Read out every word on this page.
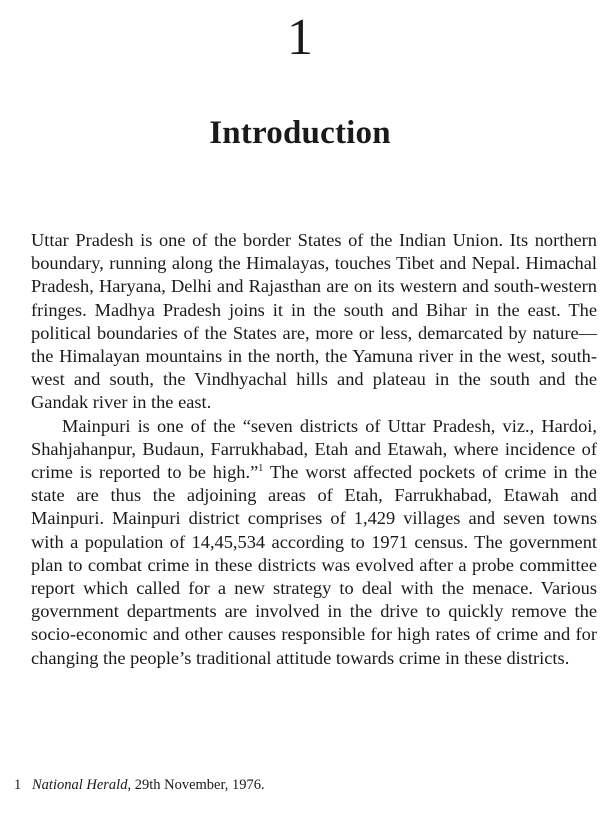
1
Introduction

Uttar Pradesh is one of the border States of the Indian Union. Its northern boundary, running along the Himalayas, touches Tibet and Nepal. Himachal Pradesh, Haryana, Delhi and Rajasthan are on its western and south-western fringes. Madhya Pradesh joins it in the south and Bihar in the east. The political boundaries of the States are, more or less, demarcated by nature—the Himalayan mountains in the north, the Yamuna river in the west, south-west and south, the Vindhyachal hills and plateau in the south and the Gandak river in the east.

Mainpuri is one of the “seven districts of Uttar Pradesh, viz., Hardoi, Shahjahanpur, Budaun, Farrukhabad, Etah and Etawah, where incidence of crime is reported to be high.”$^1$ The worst affected pockets of crime in the state are thus the adjoining areas of Etah, Farrukhabad, Etawah and Mainpuri. Mainpuri district comprises of 1,429 villages and seven towns with a population of 14,45,534 according to 1971 census. The government plan to combat crime in these districts was evolved after a probe committee report which called for a new strategy to deal with the menace. Various government departments are involved in the drive to quickly remove the socio-economic and other causes responsible for high rates of crime and for changing the people’s traditional attitude towards crime in these districts.

1 National Herald, 29th November, 1976.
